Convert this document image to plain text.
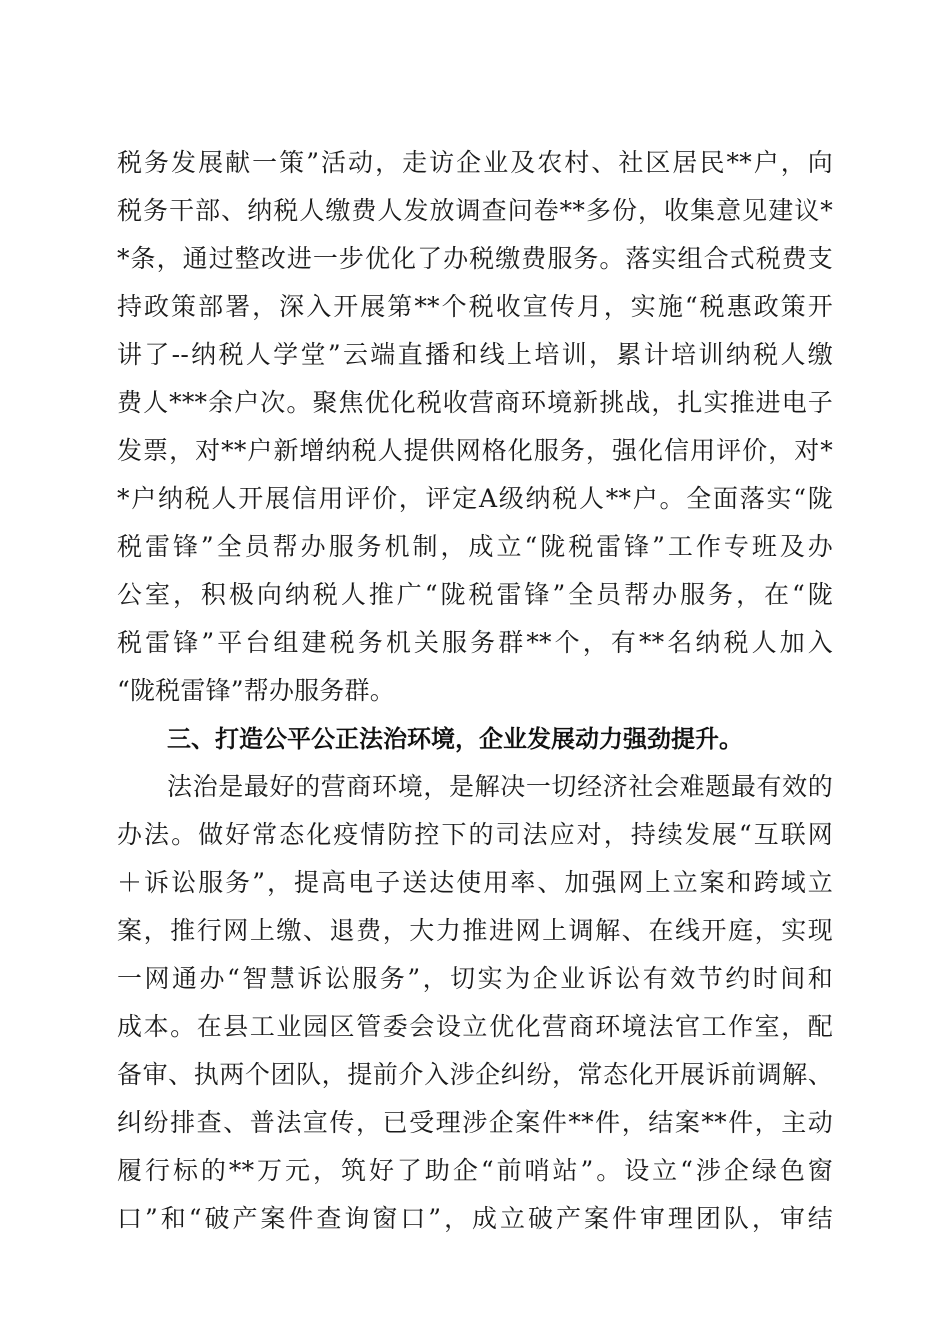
税务发展献一策”活动，走访企业及农村、社区居民**户，向
税务干部、纳税人缴费人发放调查问卷**多份，收集意见建议*
*条，通过整改进一步优化了办税缴费服务。落实组合式税费支
持政策部署，深入开展第**个税收宣传月，实施“税惠政策开
讲了--纳税人学堂”云端直播和线上培训，累计培训纳税人缴
费人***余户次。聚焦优化税收营商环境新挑战，扎实推进电子
发票，对**户新增纳税人提供网格化服务，强化信用评价，对*
*户纳税人开展信用评价，评定A级纳税人**户。全面落实“陇
税雷锋”全员帮办服务机制，成立“陇税雷锋”工作专班及办
公室，积极向纳税人推广“陇税雷锋”全员帮办服务，在“陇
税雷锋”平台组建税务机关服务群**个，有**名纳税人加入
“陇税雷锋”帮办服务群。
三、打造公平公正法治环境，企业发展动力强劲提升。
法治是最好的营商环境，是解决一切经济社会难题最有效的
办法。做好常态化疫情防控下的司法应对，持续发展“互联网
＋诉讼服务”，提高电子送达使用率、加强网上立案和跨域立
案，推行网上缴、退费，大力推进网上调解、在线开庭，实现
一网通办“智慧诉讼服务”，切实为企业诉讼有效节约时间和
成本。在县工业园区管委会设立优化营商环境法官工作室，配
备审、执两个团队，提前介入涉企纠纷，常态化开展诉前调解、
纠纷排查、普法宣传，已受理涉企案件**件，结案**件，主动
履行标的**万元，筑好了助企“前哨站”。设立“涉企绿色窗
口”和“破产案件查询窗口”，成立破产案件审理团队，审结
